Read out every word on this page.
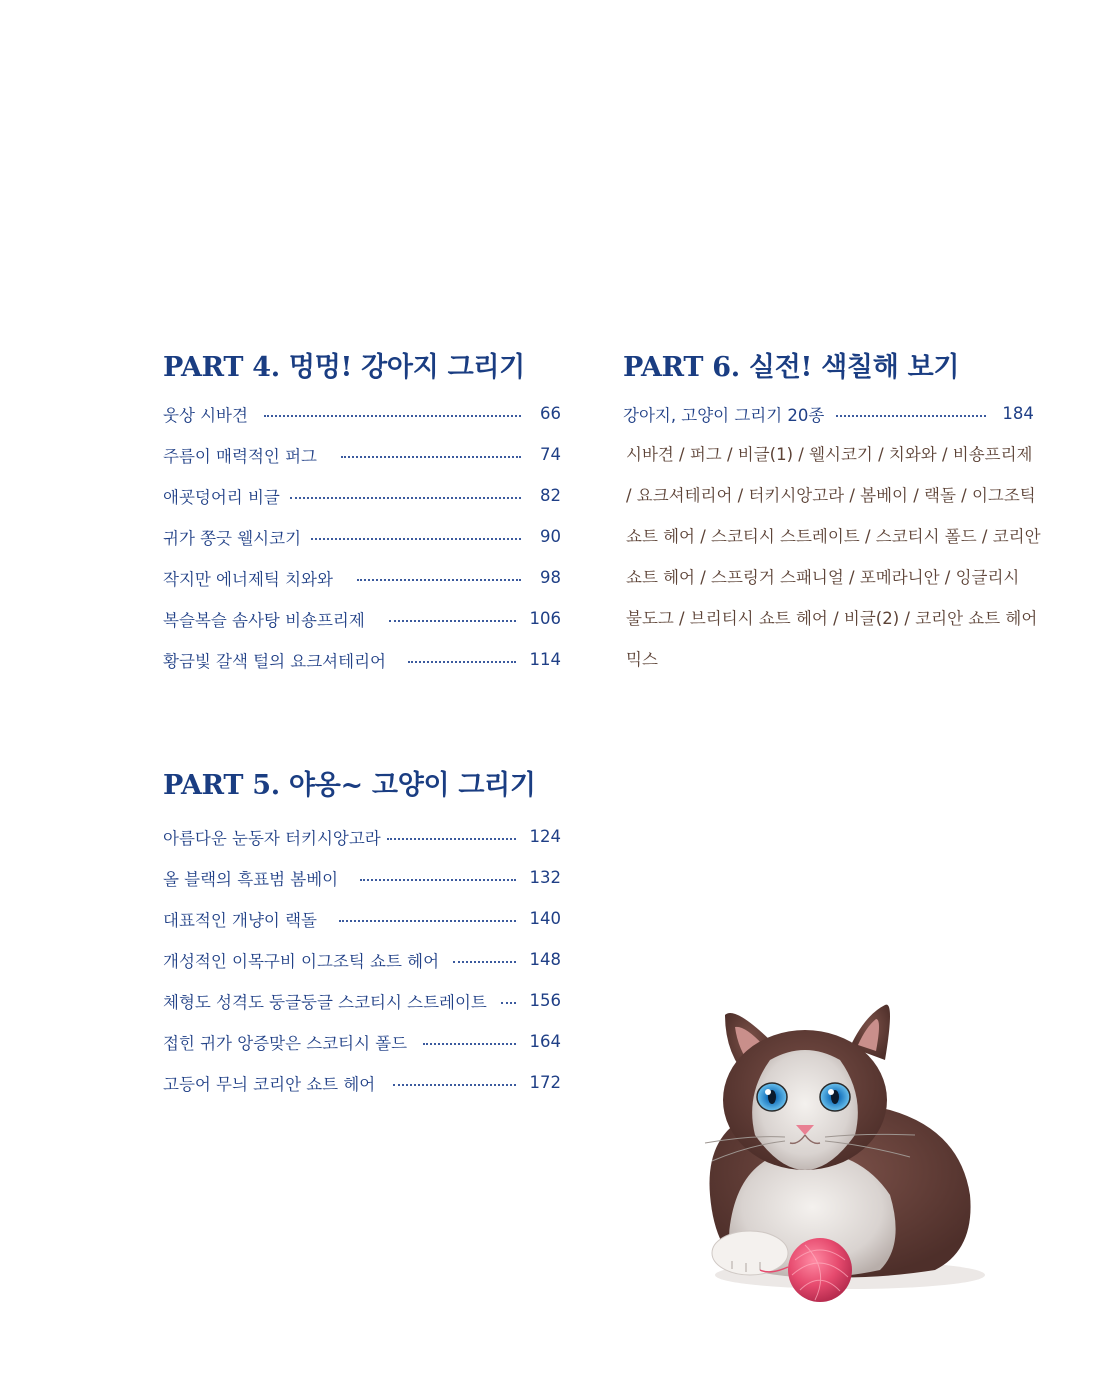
PART 4. 멍멍! 강아지 그리기
웃상 시바견	66
주름이 매력적인 퍼그	74
애굣덩어리 비글	82
귀가 쫑긋 웰시코기	90
작지만 에너제틱 치와와	98
복슬복슬 솜사탕 비숑프리제	106
황금빛 갈색 털의 요크셔테리어	114
PART 5. 야옹~ 고양이 그리기
아름다운 눈동자 터키시앙고라	124
올 블랙의 흑표범 봄베이	132
대표적인 개냥이 랙돌	140
개성적인 이목구비 이그조틱 쇼트 헤어	148
체형도 성격도 둥글둥글 스코티시 스트레이트	156
접힌 귀가 앙증맞은 스코티시 폴드	164
고등어 무늬 코리안 쇼트 헤어	172
PART 6. 실전! 색칠해 보기
강아지, 고양이 그리기 20종	184
시바견 / 퍼그 / 비글(1) / 웰시코기 / 치와와 / 비숑프리제
/ 요크셔테리어 / 터키시앙고라 / 봄베이 / 랙돌 / 이그조틱
쇼트 헤어 / 스코티시 스트레이트 / 스코티시 폴드 / 코리안
쇼트 헤어 / 스프링거 스패니얼 / 포메라니안 / 잉글리시
불도그 / 브리티시 쇼트 헤어 / 비글(2) / 코리안 쇼트 헤어
믹스
